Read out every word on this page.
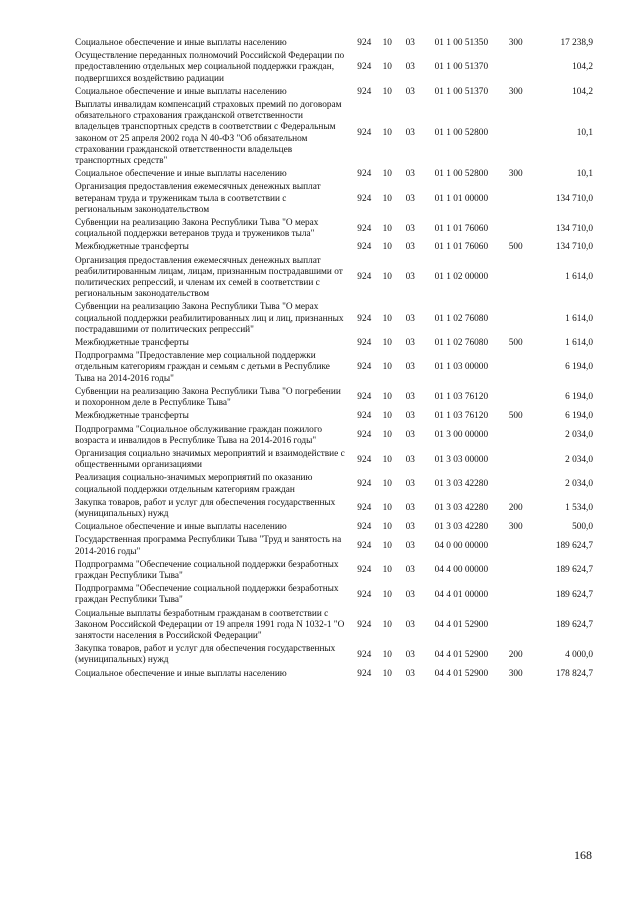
Социальное обеспечение и иные выплаты населению	924	10	03	01 1 00 51350	300	17 238,9
Осуществление переданных полномочий Российской Федерации по предоставлению отдельных мер социальной поддержки граждан, подвергшихся воздействию радиации	924	10	03	01 1 00 51370		104,2
Социальное обеспечение и иные выплаты населению	924	10	03	01 1 00 51370	300	104,2
Выплаты инвалидам компенсаций страховых премий по договорам обязательного страхования гражданской ответственности владельцев транспортных средств в соответствии с Федеральным законом от 25 апреля 2002 года N 40-ФЗ "Об обязательном страховании гражданской ответственности владельцев транспортных средств"	924	10	03	01 1 00 52800		10,1
Социальное обеспечение и иные выплаты населению	924	10	03	01 1 00 52800	300	10,1
Организация предоставления ежемесячных денежных выплат ветеранам труда и труженикам тыла в соответствии с региональным законодательством	924	10	03	01 1 01 00000		134 710,0
Субвенции на реализацию Закона Республики Тыва "О мерах социальной поддержки ветеранов труда и тружеников тыла"	924	10	03	01 1 01 76060		134 710,0
Межбюджетные трансферты	924	10	03	01 1 01 76060	500	134 710,0
Организация предоставления ежемесячных денежных выплат реабилитированным лицам, лицам, признанным пострадавшими от политических репрессий, и членам их семей в соответствии с региональным законодательством	924	10	03	01 1 02 00000		1 614,0
Субвенции на реализацию Закона Республики Тыва "О мерах социальной поддержки реабилитированных лиц и лиц, признанных пострадавшими от политических репрессий"	924	10	03	01 1 02 76080		1 614,0
Межбюджетные трансферты	924	10	03	01 1 02 76080	500	1 614,0
Подпрограмма "Предоставление мер социальной поддержки отдельным категориям граждан и семьям с детьми в Республике Тыва на 2014-2016 годы"	924	10	03	01 1 03 00000		6 194,0
Субвенции на реализацию Закона Республики Тыва "О погребении и похоронном деле в Республике Тыва"	924	10	03	01 1 03 76120		6 194,0
Межбюджетные трансферты	924	10	03	01 1 03 76120	500	6 194,0
Подпрограмма "Социальное обслуживание граждан пожилого возраста и инвалидов в Республике Тыва на 2014-2016 годы"	924	10	03	01 3 00 00000		2 034,0
Организация социально значимых мероприятий и взаимодействие с общественными организациями	924	10	03	01 3 03 00000		2 034,0
Реализация социально-значимых мероприятий по оказанию социальной поддержки отдельным категориям граждан	924	10	03	01 3 03 42280		2 034,0
Закупка товаров, работ и услуг для обеспечения государственных (муниципальных) нужд	924	10	03	01 3 03 42280	200	1 534,0
Социальное обеспечение и иные выплаты населению	924	10	03	01 3 03 42280	300	500,0
Государственная программа Республики Тыва "Труд и занятость на 2014-2016 годы"	924	10	03	04 0 00 00000		189 624,7
Подпрограмма "Обеспечение социальной поддержки безработных граждан Республики Тыва"	924	10	03	04 4 00 00000		189 624,7
Подпрограмма "Обеспечение социальной поддержки безработных граждан Республики Тыва"	924	10	03	04 4 01 00000		189 624,7
Социальные выплаты безработным гражданам в соответствии с Законом Российской Федерации от 19 апреля 1991 года N 1032-1 "О занятости населения в Российской Федерации"	924	10	03	04 4 01 52900		189 624,7
Закупка товаров, работ и услуг для обеспечения государственных (муниципальных) нужд	924	10	03	04 4 01 52900	200	4 000,0
Социальное обеспечение и иные выплаты населению	924	10	03	04 4 01 52900	300	178 824,7
168
